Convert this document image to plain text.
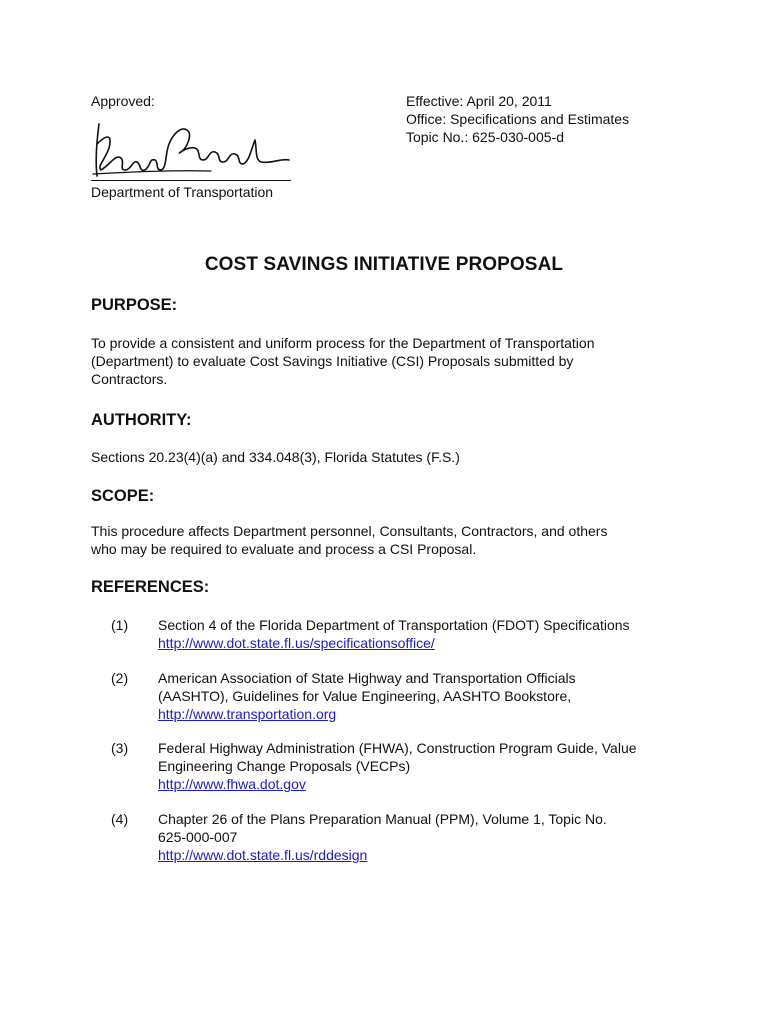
Approved:
Department of Transportation
Effective: April 20, 2011
Office: Specifications and Estimates
Topic No.: 625-030-005-d
COST SAVINGS INITIATIVE PROPOSAL
PURPOSE:
To provide a consistent and uniform process for the Department of Transportation
(Department) to evaluate Cost Savings Initiative (CSI) Proposals submitted by
Contractors.
AUTHORITY:
Sections 20.23(4)(a) and 334.048(3), Florida Statutes (F.S.)
SCOPE:
This procedure affects Department personnel, Consultants, Contractors, and others
who may be required to evaluate and process a CSI Proposal.
REFERENCES:
(1) Section 4 of the Florida Department of Transportation (FDOT) Specifications
http://www.dot.state.fl.us/specificationsoffice/
(2) American Association of State Highway and Transportation Officials
(AASHTO), Guidelines for Value Engineering, AASHTO Bookstore,
http://www.transportation.org
(3) Federal Highway Administration (FHWA), Construction Program Guide, Value
Engineering Change Proposals (VECPs)
http://www.fhwa.dot.gov
(4) Chapter 26 of the Plans Preparation Manual (PPM), Volume 1, Topic No.
625-000-007
http://www.dot.state.fl.us/rddesign
